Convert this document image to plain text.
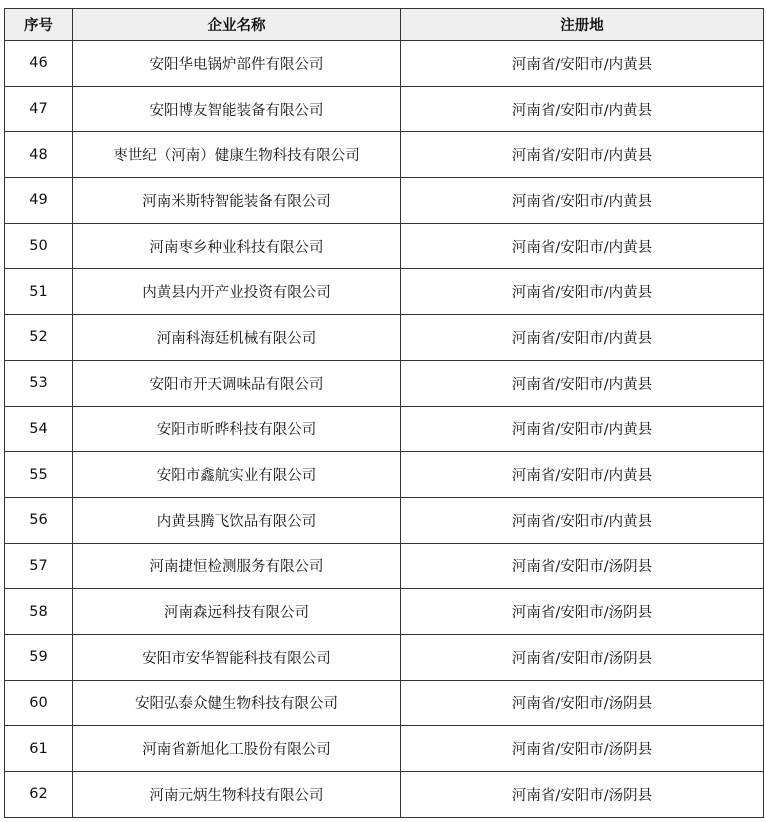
序号	企业名称	注册地
46	安阳华电锅炉部件有限公司	河南省/安阳市/内黄县
47	安阳博友智能装备有限公司	河南省/安阳市/内黄县
48	枣世纪（河南）健康生物科技有限公司	河南省/安阳市/内黄县
49	河南米斯特智能装备有限公司	河南省/安阳市/内黄县
50	河南枣乡种业科技有限公司	河南省/安阳市/内黄县
51	内黄县内开产业投资有限公司	河南省/安阳市/内黄县
52	河南科海廷机械有限公司	河南省/安阳市/内黄县
53	安阳市开天调味品有限公司	河南省/安阳市/内黄县
54	安阳市昕晔科技有限公司	河南省/安阳市/内黄县
55	安阳市鑫航实业有限公司	河南省/安阳市/内黄县
56	内黄县腾飞饮品有限公司	河南省/安阳市/内黄县
57	河南捷恒检测服务有限公司	河南省/安阳市/汤阴县
58	河南森远科技有限公司	河南省/安阳市/汤阴县
59	安阳市安华智能科技有限公司	河南省/安阳市/汤阴县
60	安阳弘泰众健生物科技有限公司	河南省/安阳市/汤阴县
61	河南省新旭化工股份有限公司	河南省/安阳市/汤阴县
62	河南元炳生物科技有限公司	河南省/安阳市/汤阴县
